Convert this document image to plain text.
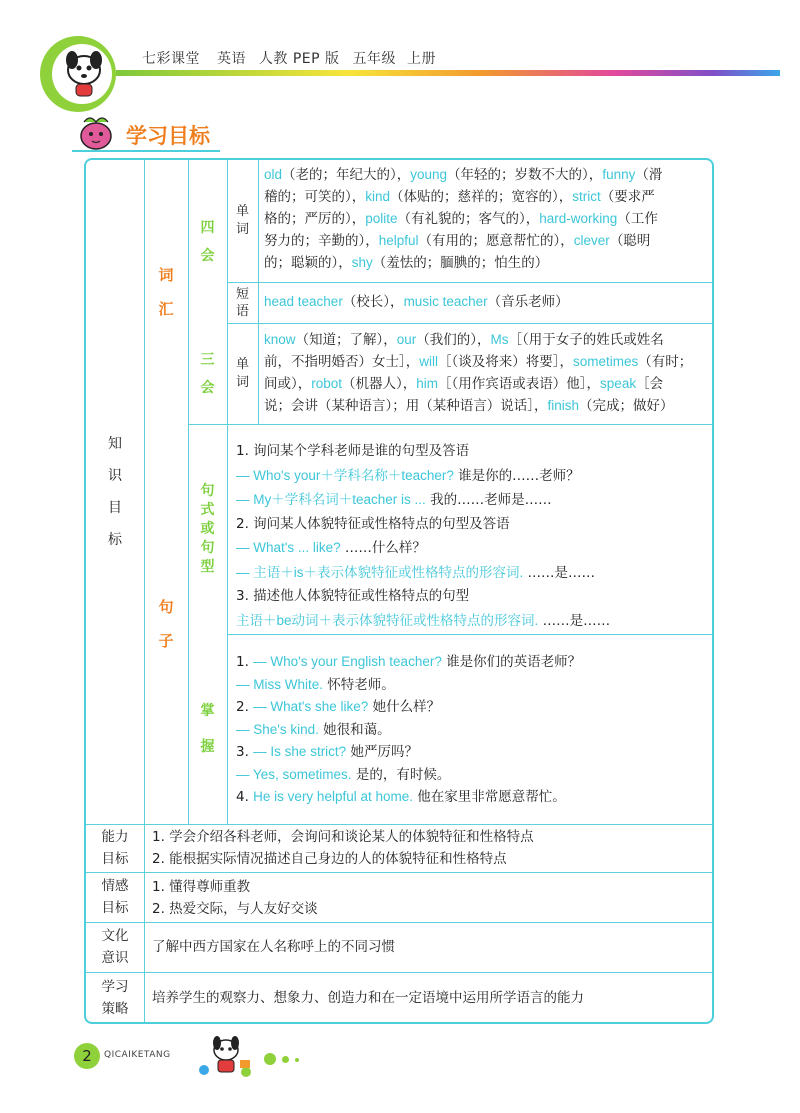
七彩课堂 英语 人教 PEP 版 五年级 上册
学习目标
知识目标
词汇
四会
单词
old（老的；年纪大的），young（年轻的；岁数不大的），funny（滑
稽的；可笑的），kind（体贴的；慈祥的；宽容的），strict（要求严
格的；严厉的），polite（有礼貌的；客气的），hard-working（工作
努力的；辛勤的），helpful（有用的；愿意帮忙的），clever（聪明
的；聪颖的），shy（羞怯的；腼腆的；怕生的）
短语
head teacher（校长），music teacher（音乐老师）
三会
单词
know（知道；了解），our（我们的），Ms［（用于女子的姓氏或姓名
前，不指明婚否）女士］，will［（谈及将来）将要］，sometimes（有时；
间或），robot（机器人），him［（用作宾语或表语）他］，speak［会
说；会讲（某种语言）；用（某种语言）说话］，finish（完成；做好）
句子
句式或句型
1. 询问某个学科老师是谁的句型及答语
— Who's your＋学科名称＋teacher? 谁是你的……老师？
— My＋学科名词＋teacher is ... 我的……老师是……
2. 询问某人体貌特征或性格特点的句型及答语
— What's ... like? ……什么样？
— 主语＋is＋表示体貌特征或性格特点的形容词. ……是……
3. 描述他人体貌特征或性格特点的句型
主语＋be动词＋表示体貌特征或性格特点的形容词. ……是……
掌握
1. — Who's your English teacher? 谁是你们的英语老师？
— Miss White. 怀特老师。
2. — What's she like? 她什么样？
— She's kind. 她很和蔼。
3. — Is she strict? 她严厉吗？
— Yes, sometimes. 是的，有时候。
4. He is very helpful at home. 他在家里非常愿意帮忙。
能力目标
1. 学会介绍各科老师，会询问和谈论某人的体貌特征和性格特点
2. 能根据实际情况描述自己身边的人的体貌特征和性格特点
情感目标
1. 懂得尊师重教
2. 热爱交际，与人友好交谈
文化意识
了解中西方国家在人名称呼上的不同习惯
学习策略
培养学生的观察力、想象力、创造力和在一定语境中运用所学语言的能力
2	QICAIKETANG
